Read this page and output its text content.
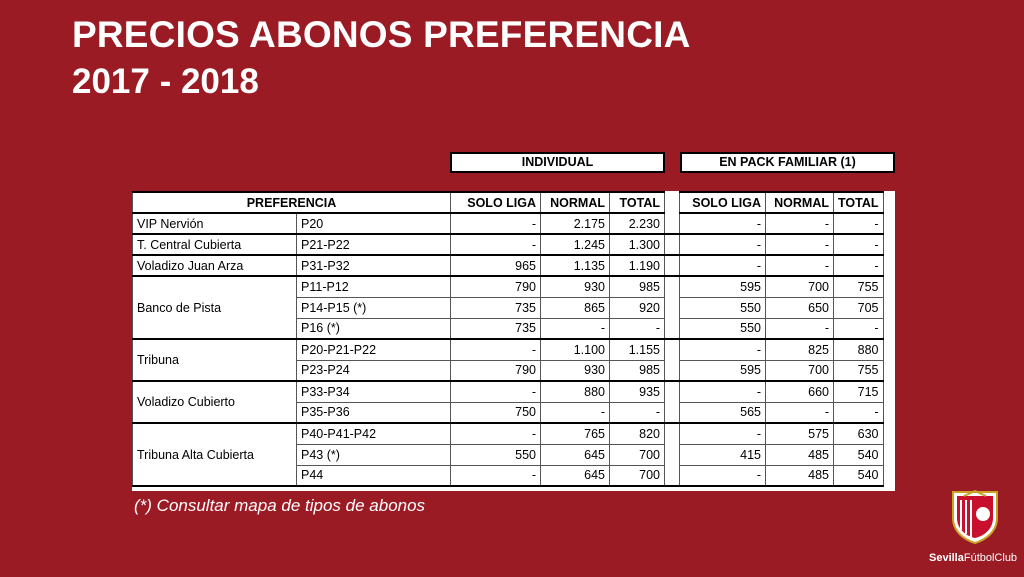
PRECIOS ABONOS PREFERENCIA
2017 - 2018
INDIVIDUAL	EN PACK FAMILIAR (1)
PREFERENCIA		SOLO LIGA	NORMAL	TOTAL		SOLO LIGA	NORMAL	TOTAL
VIP Nervión	P20	-	2.175	2.230		-	-	-
T. Central Cubierta	P21-P22	-	1.245	1.300		-	-	-
Voladizo Juan Arza	P31-P32	965	1.135	1.190		-	-	-
Banco de Pista	P11-P12	790	930	985		595	700	755
	P14-P15 (*)	735	865	920		550	650	705
	P16 (*)	735	-	-		550	-	-
Tribuna	P20-P21-P22	-	1.100	1.155		-	825	880
	P23-P24	790	930	985		595	700	755
Voladizo Cubierto	P33-P34	-	880	935		-	660	715
	P35-P36	750	-	-		565	-	-
Tribuna Alta Cubierta	P40-P41-P42	-	765	820		-	575	630
	P43 (*)	550	645	700		415	485	540
	P44	-	645	700		-	485	540

(*) Consultar mapa de tipos de abonos

SevillaFútbolClub
